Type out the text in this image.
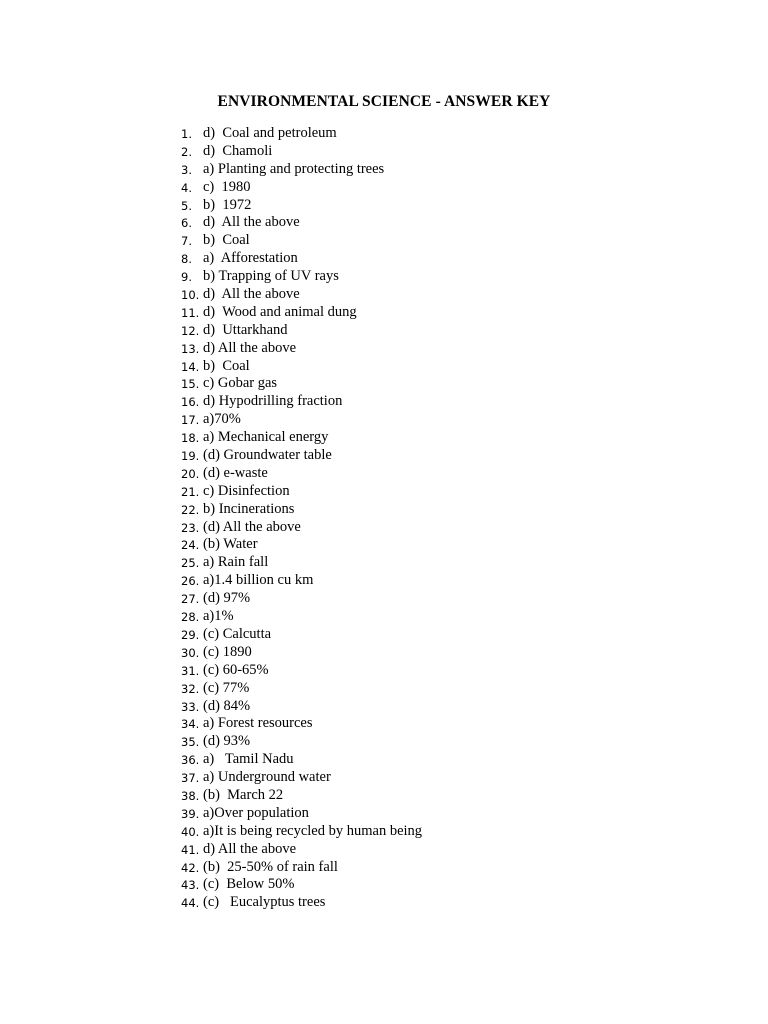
ENVIRONMENTAL SCIENCE - ANSWER KEY
1. d)  Coal and petroleum
2. d)  Chamoli
3. a) Planting and protecting trees
4. c)  1980
5. b)  1972
6. d)  All the above
7. b)  Coal
8. a)  Afforestation
9. b) Trapping of UV rays
10. d)  All the above
11. d)  Wood and animal dung
12. d)  Uttarkhand
13. d) All the above
14. b)  Coal
15. c) Gobar gas
16. d) Hypodrilling fraction
17. a)70%
18. a) Mechanical energy
19. (d) Groundwater table
20. (d) e-waste
21. c) Disinfection
22. b) Incinerations
23. (d) All the above
24. (b) Water
25. a) Rain fall
26. a)1.4 billion cu km
27. (d) 97%
28. a)1%
29. (c) Calcutta
30. (c) 1890
31. (c) 60-65%
32. (c) 77%
33. (d) 84%
34. a) Forest resources
35. (d) 93%
36. a)   Tamil Nadu
37. a) Underground water
38. (b)  March 22
39. a)Over population
40. a)It is being recycled by human being
41. d) All the above
42. (b)  25-50% of rain fall
43. (c)  Below 50%
44. (c)   Eucalyptus trees
